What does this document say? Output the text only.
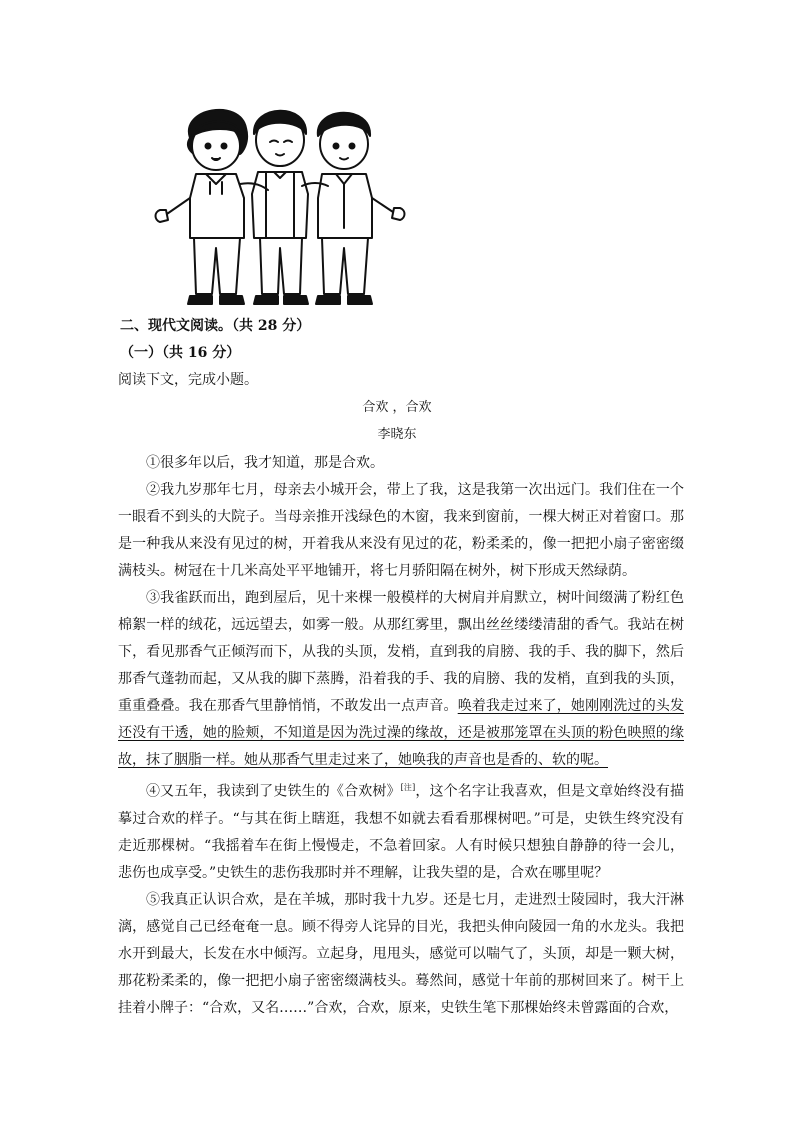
二、现代文阅读。（共 28 分）
（一）（共 16 分）
阅读下文，完成小题。
合欢 ，合欢
李晓东

①很多年以后，我才知道，那是合欢。

②我九岁那年七月，母亲去小城开会，带上了我，这是我第一次出远门。我们住在一个一眼看不到头的大院子。当母亲推开浅绿色的木窗，我来到窗前，一棵大树正对着窗口。那是一种我从来没有见过的树，开着我从来没有见过的花，粉柔柔的，像一把把小扇子密密缀满枝头。树冠在十几米高处平平地铺开，将七月骄阳隔在树外，树下形成天然绿荫。

③我雀跃而出，跑到屋后，见十来棵一般模样的大树肩并肩默立，树叶间缀满了粉红色棉絮一样的绒花，远远望去，如雾一般。从那红雾里，飘出丝丝缕缕清甜的香气。我站在树下，看见那香气正倾泻而下，从我的头顶，发梢，直到我的肩膀、我的手、我的脚下，然后那香气蓬勃而起，又从我的脚下蒸腾，沿着我的手、我的肩膀、我的发梢，直到我的头顶，重重叠叠。我在那香气里静悄悄，不敢发出一点声音。唤着我走过来了，她刚刚洗过的头发还没有干透，她的脸颊，不知道是因为洗过澡的缘故，还是被那笼罩在头顶的粉色映照的缘故，抹了胭脂一样。她从那香气里走过来了，她唤我的声音也是香的、软的呢。

④又五年，我读到了史铁生的《合欢树》[注]，这个名字让我喜欢，但是文章始终没有描摹过合欢的样子。“与其在街上瞎逛，我想不如就去看看那棵树吧。”可是，史铁生终究没有走近那棵树。“我摇着车在街上慢慢走，不急着回家。人有时候只想独自静静的待一会儿，悲伤也成享受。”史铁生的悲伤我那时并不理解，让我失望的是，合欢在哪里呢？

⑤我真正认识合欢，是在羊城，那时我十九岁。还是七月，走进烈士陵园时，我大汗淋漓，感觉自己已经奄奄一息。顾不得旁人诧异的目光，我把头伸向陵园一角的水龙头。我把水开到最大，长发在水中倾泻。立起身，甩甩头，感觉可以喘气了，头顶，却是一颗大树，那花粉柔柔的，像一把把小扇子密密缀满枝头。蓦然间，感觉十年前的那树回来了。树干上挂着小牌子：“合欢，又名……”合欢，合欢，原来，史铁生笔下那棵始终未曾露面的合欢，
